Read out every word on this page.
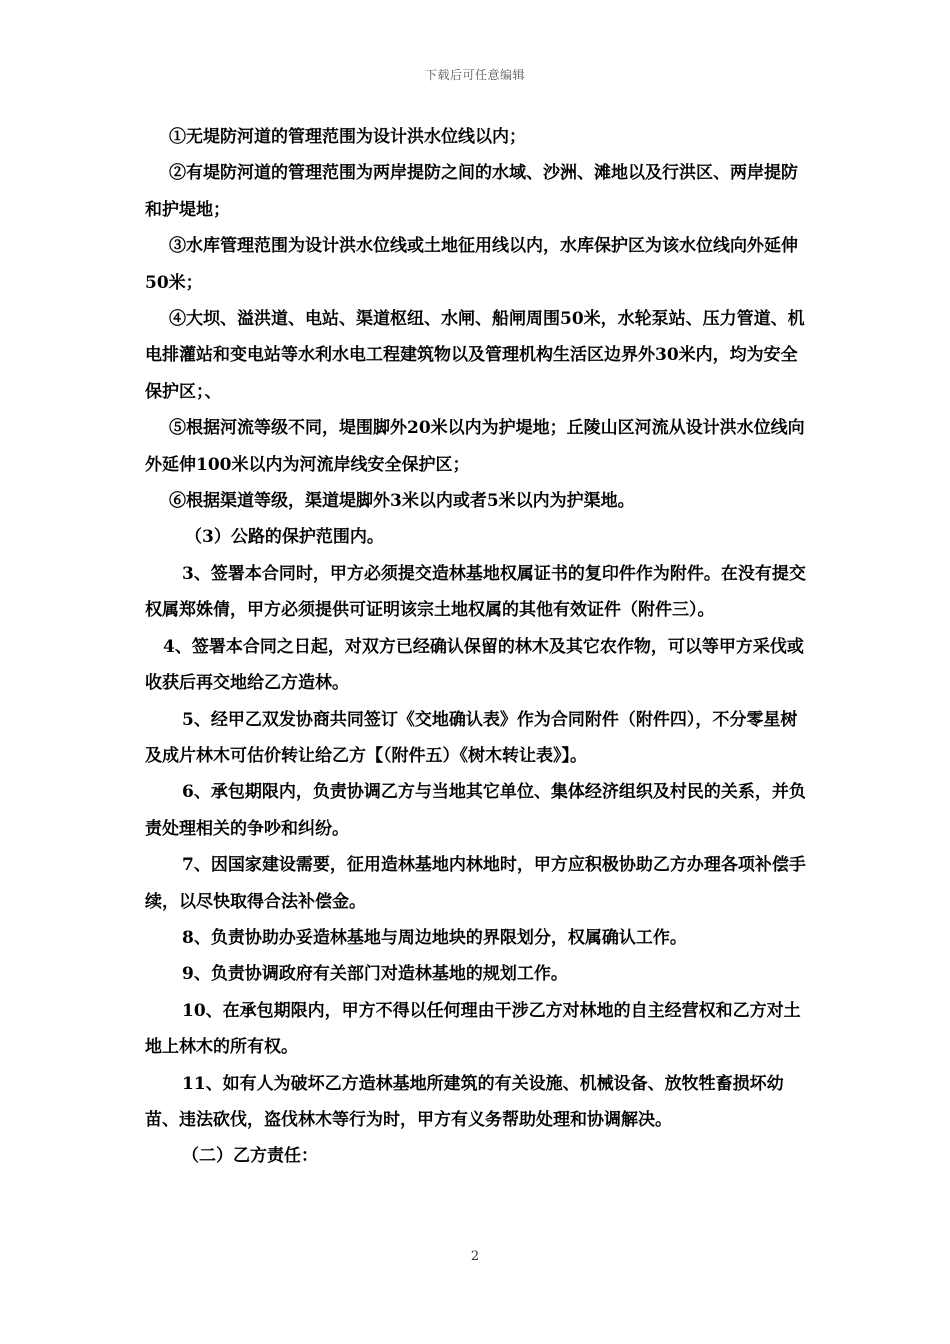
下载后可任意编辑

①无堤防河道的管理范围为设计洪水位线以内；

②有堤防河道的管理范围为两岸提防之间的水域、沙洲、滩地以及行洪区、两岸提防和护堤地；

③水库管理范围为设计洪水位线或土地征用线以内，水库保护区为该水位线向外延伸50米；

④大坝、溢洪道、电站、渠道枢纽、水闸、船闸周围50米，水轮泵站、压力管道、机电排灌站和变电站等水利水电工程建筑物以及管理机构生活区边界外30米内，均为安全保护区；、

⑤根据河流等级不同，堤围脚外20米以内为护堤地；丘陵山区河流从设计洪水位线向外延伸100米以内为河流岸线安全保护区；

⑥根据渠道等级，渠道堤脚外3米以内或者5米以内为护渠地。

（3）公路的保护范围内。

3、签署本合同时，甲方必须提交造林基地权属证书的复印件作为附件。在没有提交权属郑姝倩，甲方必须提供可证明该宗土地权属的其他有效证件（附件三）。

4、签署本合同之日起，对双方已经确认保留的林木及其它农作物，可以等甲方采伐或收获后再交地给乙方造林。

5、经甲乙双发协商共同签订《交地确认表》作为合同附件（附件四），不分零星树及成片林木可估价转让给乙方【（附件五）《树木转让表》】。

6、承包期限内，负责协调乙方与当地其它单位、集体经济组织及村民的关系，并负责处理相关的争吵和纠纷。

7、因国家建设需要，征用造林基地内林地时，甲方应积极协助乙方办理各项补偿手续，以尽快取得合法补偿金。

8、负责协助办妥造林基地与周边地块的界限划分，权属确认工作。

9、负责协调政府有关部门对造林基地的规划工作。

10、在承包期限内，甲方不得以任何理由干涉乙方对林地的自主经营权和乙方对土地上林木的所有权。

11、如有人为破坏乙方造林基地所建筑的有关设施、机械设备、放牧牲畜损坏幼苗、违法砍伐，盗伐林木等行为时，甲方有义务帮助处理和协调解决。

（二）乙方责任：

2
